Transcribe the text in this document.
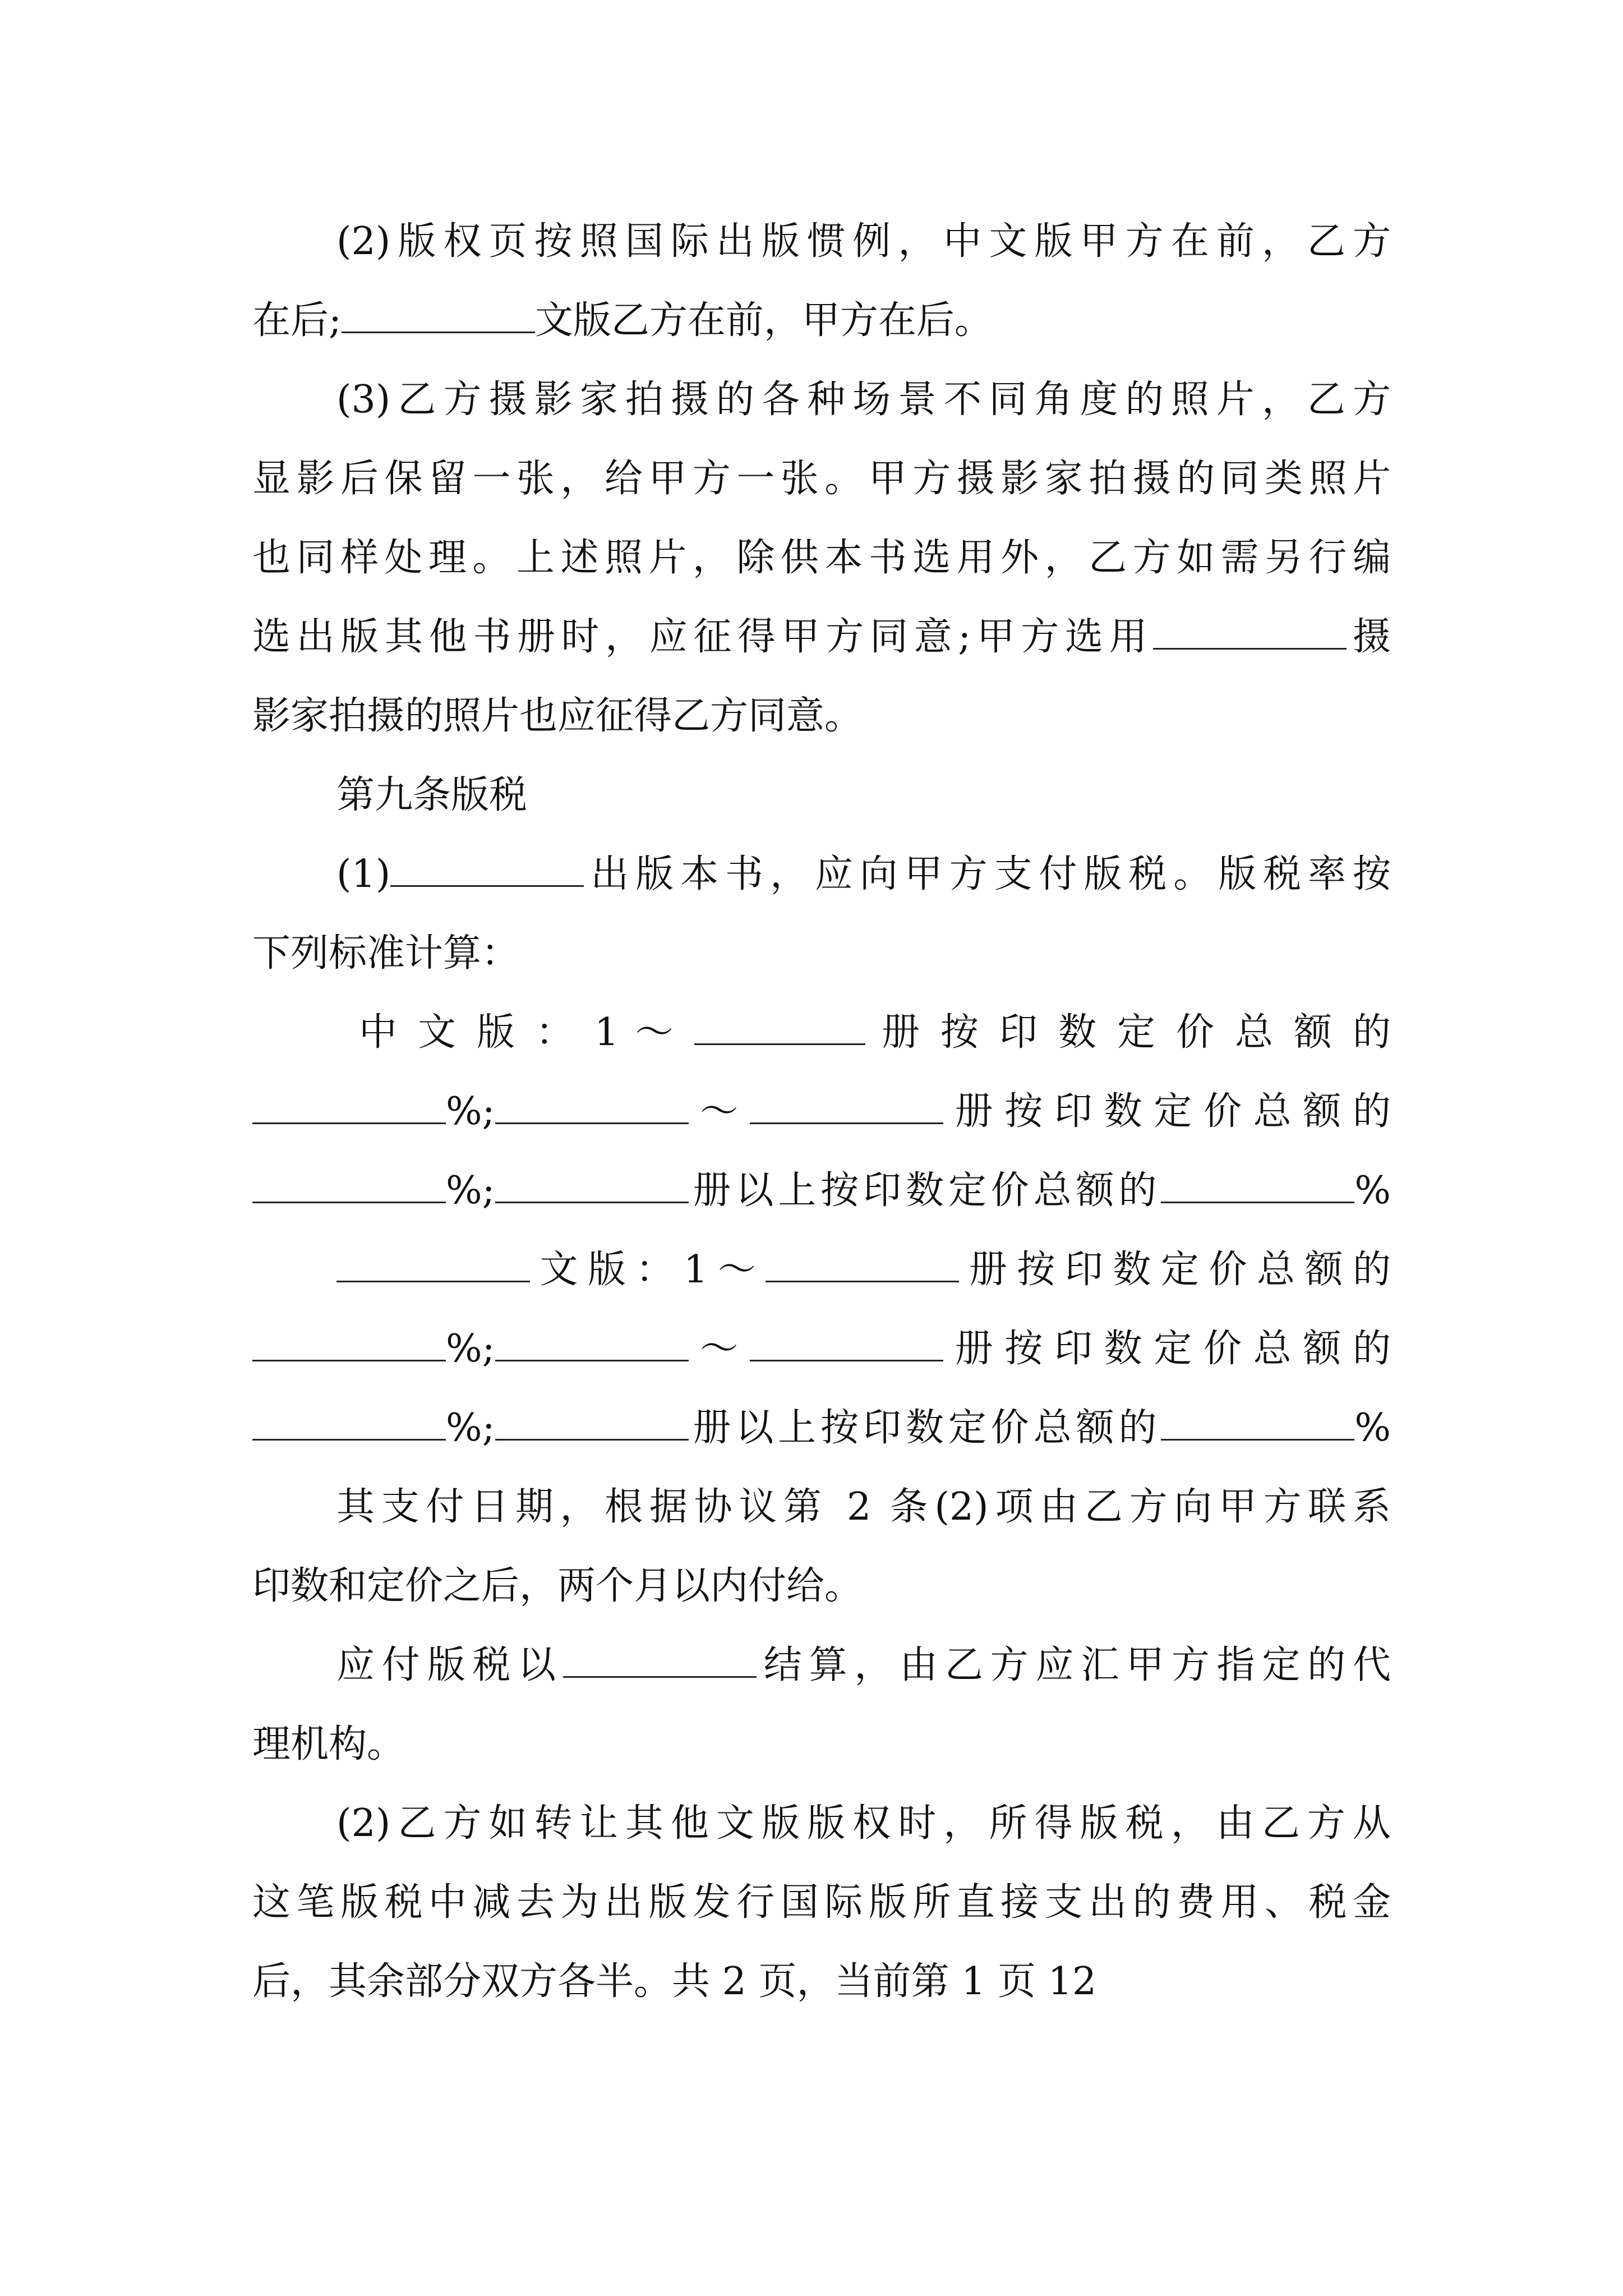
(2)版权页按照国际出版惯例，中文版甲方在前，乙方
在后;	文版乙方在前，甲方在后。
(3)乙方摄影家拍摄的各种场景不同角度的照片，乙方
显影后保留一张，给甲方一张。甲方摄影家拍摄的同类照片
也同样处理。上述照片，除供本书选用外，乙方如需另行编
选出版其他书册时，应征得甲方同意;甲方选用	摄
影家拍摄的照片也应征得乙方同意。
第九条版税
(1)	出版本书，应向甲方支付版税。版税率按
下列标准计算：
中 文 版 ： 1 ～	册 按 印 数 定 价 总 额 的
%;	～	册按印数定价总额的
%;	册以上按印数定价总额的	%
文版：1～	册按印数定价总额的
%;	～	册按印数定价总额的
%;	册以上按印数定价总额的	%
其支付日期，根据协议第 2 条(2)项由乙方向甲方联系
印数和定价之后，两个月以内付给。
应付版税以	结算，由乙方应汇甲方指定的代
理机构。
(2)乙方如转让其他文版版权时，所得版税，由乙方从
这笔版税中减去为出版发行国际版所直接支出的费用、税金
后，其余部分双方各半。共 2 页，当前第 1 页 12
